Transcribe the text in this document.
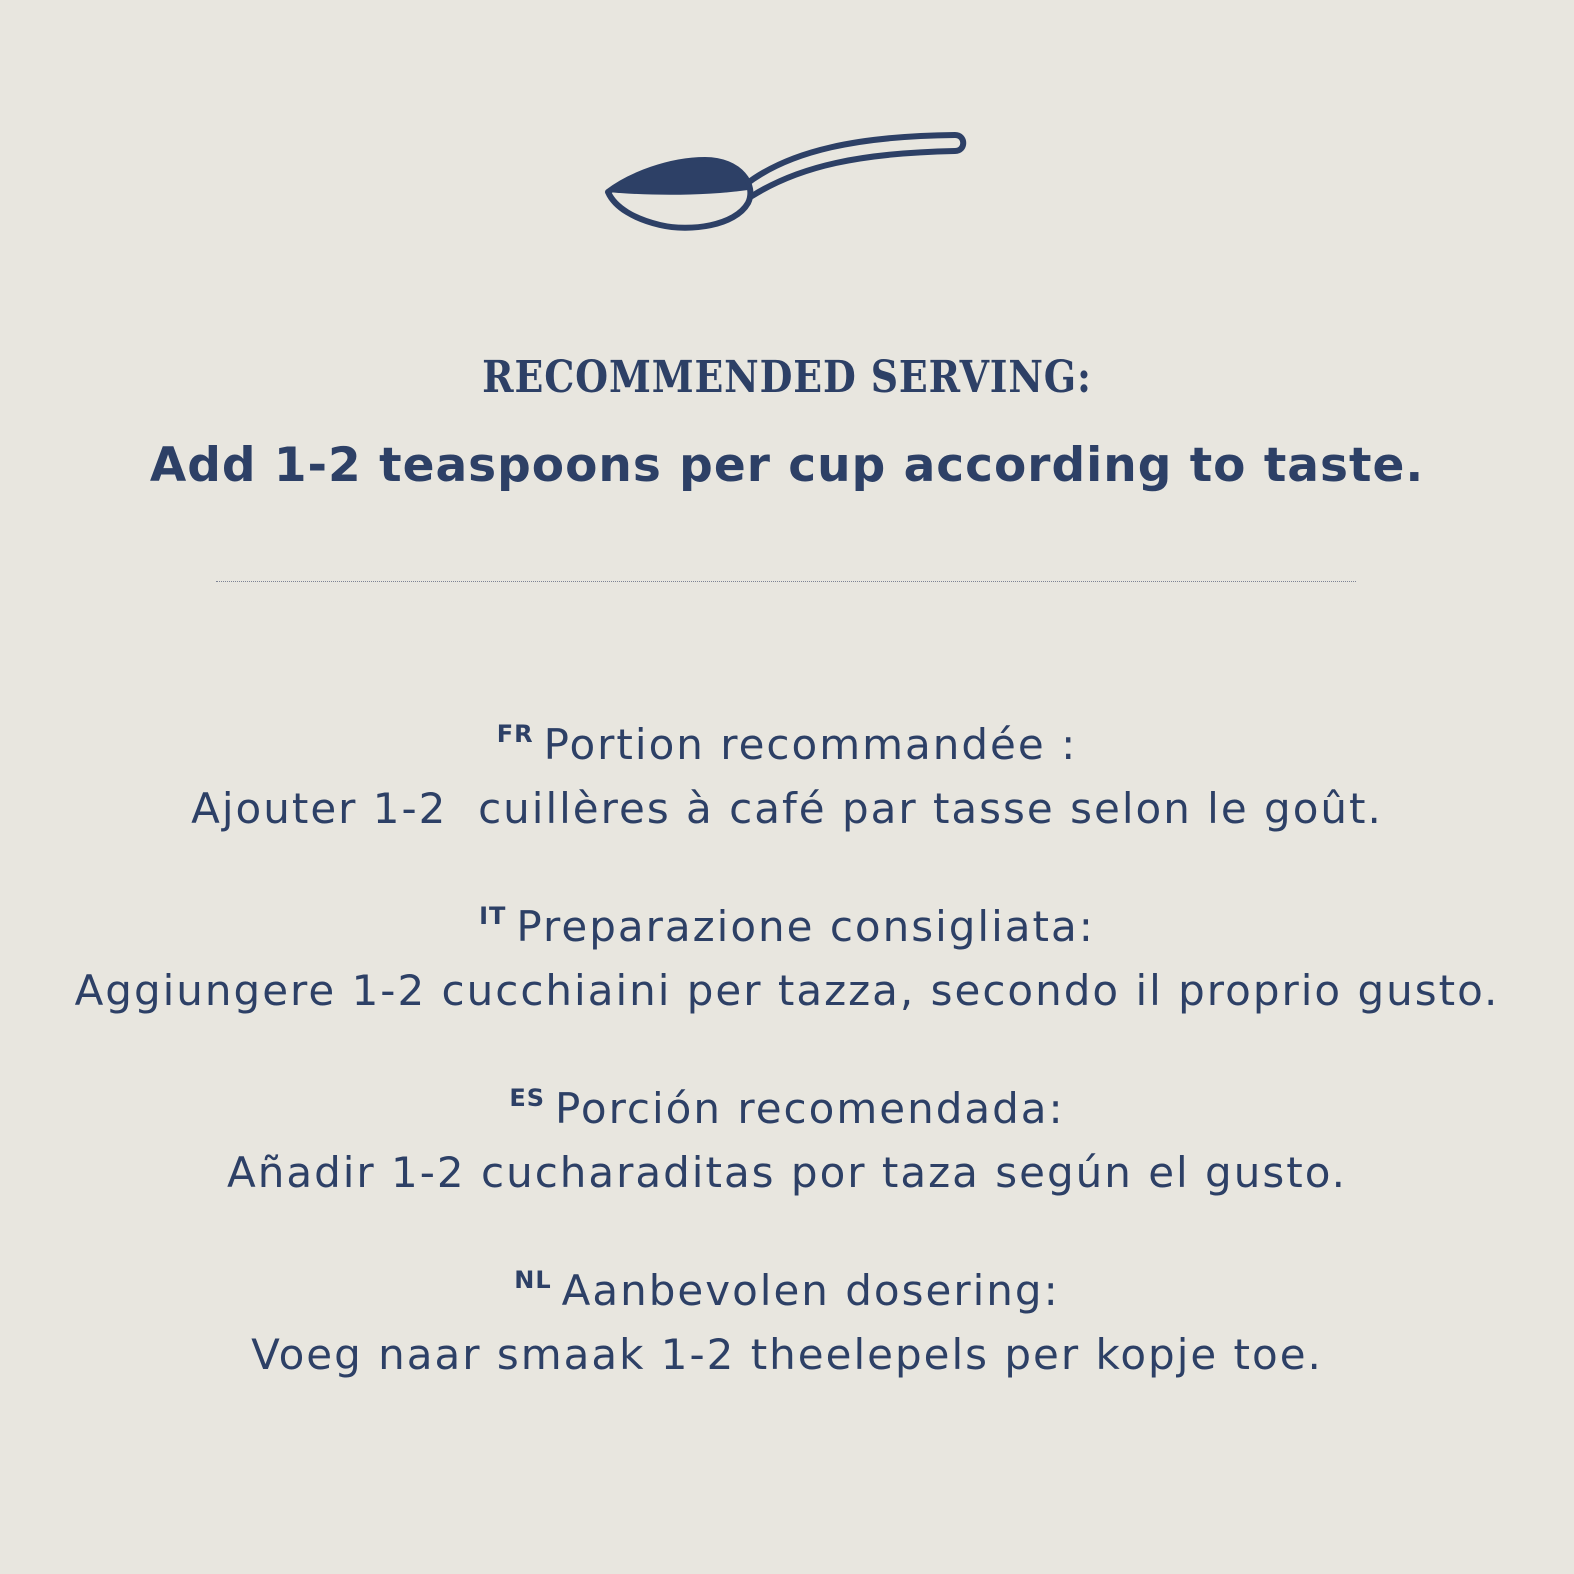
RECOMMENDED SERVING:
Add 1-2 teaspoons per cup according to taste.
$^{FR}$ Portion recommandée :
Ajouter 1-2  cuillères à café par tasse selon le goût.
$^{IT}$ Preparazione consigliata:
Aggiungere 1-2 cucchiaini per tazza, secondo il proprio gusto.
$^{ES}$ Porción recomendada:
Añadir 1-2 cucharaditas por taza según el gusto.
$^{NL}$ Aanbevolen dosering:
Voeg naar smaak 1-2 theelepels per kopje toe.
